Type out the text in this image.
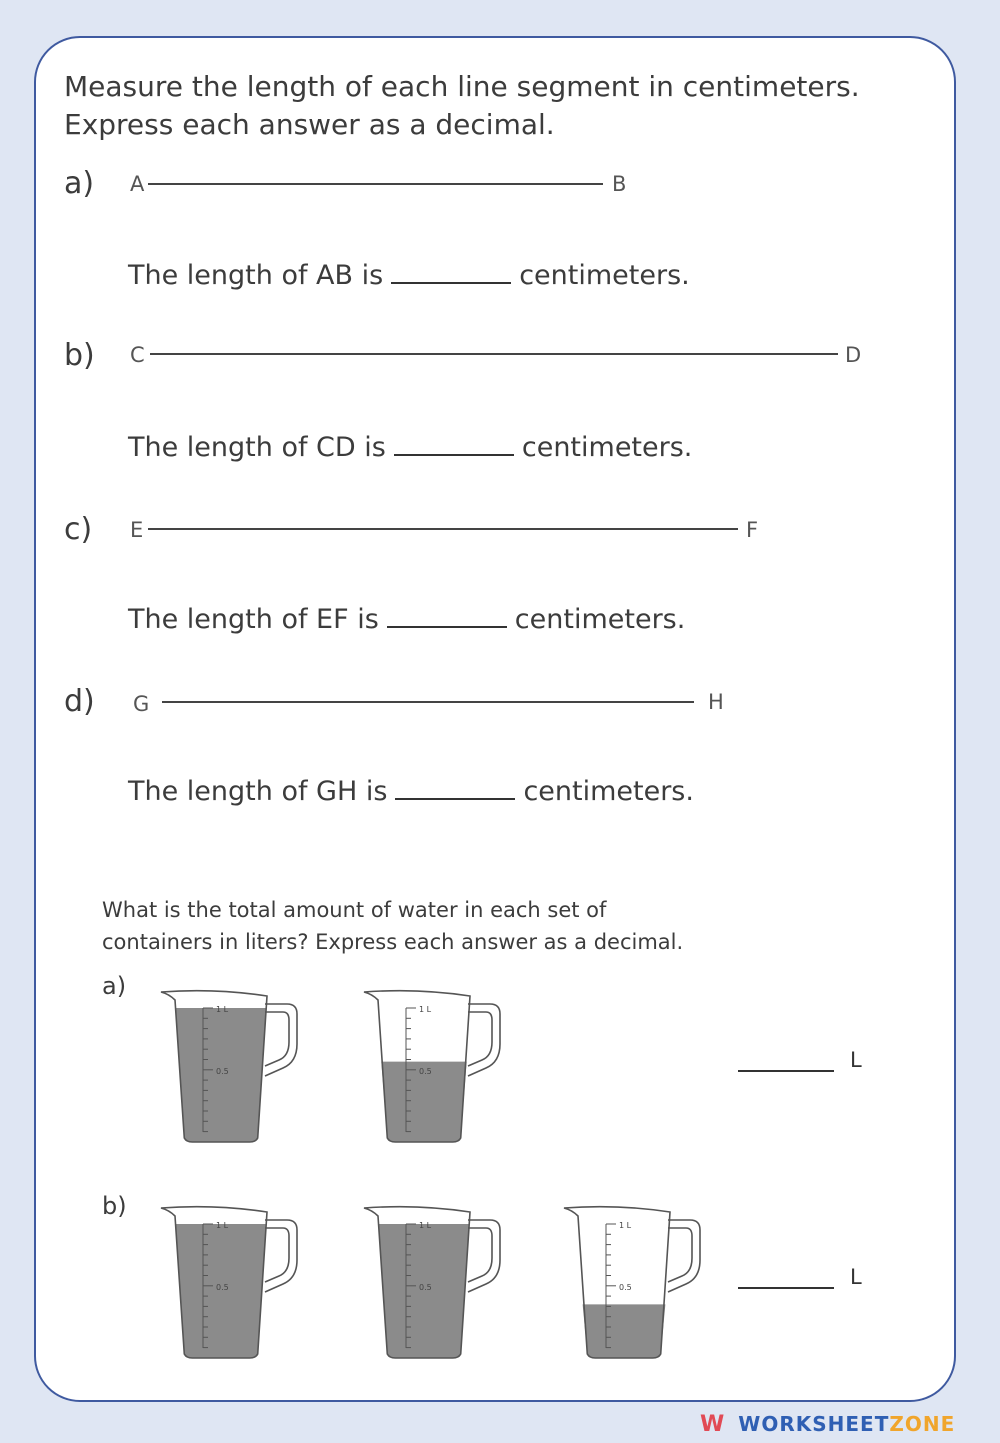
Measure the length of each line segment in centimeters.
Express each answer as a decimal.
a) A	B
The length of AB is	centimeters.
b) C	D
The length of CD is	centimeters.
c) E	F
The length of EF is	centimeters.
d) G	H
The length of GH is	centimeters.
What is the total amount of water in each set of
containers in liters? Express each answer as a decimal.
a)
b)
1 L
0.5
1 L
0.5
1 L
0.5
1 L
0.5
1 L
0.5
L
L
W WORKSHEETZONE
